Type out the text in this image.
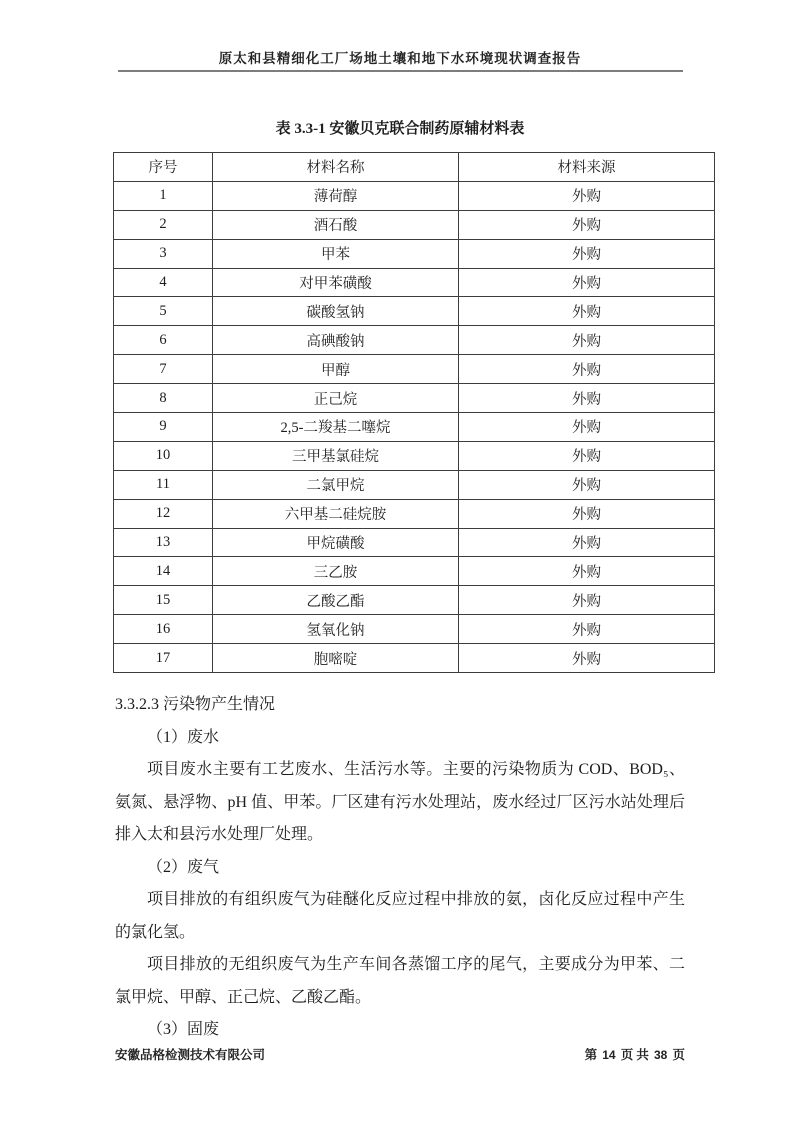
原太和县精细化工厂场地土壤和地下水环境现状调查报告
表 3.3-1 安徽贝克联合制药原辅材料表
序号	材料名称	材料来源
1	薄荷醇	外购
2	酒石酸	外购
3	甲苯	外购
4	对甲苯磺酸	外购
5	碳酸氢钠	外购
6	高碘酸钠	外购
7	甲醇	外购
8	正己烷	外购
9	2,5-二羧基二噻烷	外购
10	三甲基氯硅烷	外购
11	二氯甲烷	外购
12	六甲基二硅烷胺	外购
13	甲烷磺酸	外购
14	三乙胺	外购
15	乙酸乙酯	外购
16	氢氧化钠	外购
17	胞嘧啶	外购

3.3.2.3 污染物产生情况

（1）废水

项目废水主要有工艺废水、生活污水等。主要的污染物质为 COD、BOD₅、氨氮、悬浮物、pH 值、甲苯。厂区建有污水处理站，废水经过厂区污水站处理后排入太和县污水处理厂处理。

（2）废气

项目排放的有组织废气为硅醚化反应过程中排放的氨，卤化反应过程中产生的氯化氢。

项目排放的无组织废气为生产车间各蒸馏工序的尾气，主要成分为甲苯、二氯甲烷、甲醇、正己烷、乙酸乙酯。

（3）固废

安徽品格检测技术有限公司	第 14 页 共 38 页
